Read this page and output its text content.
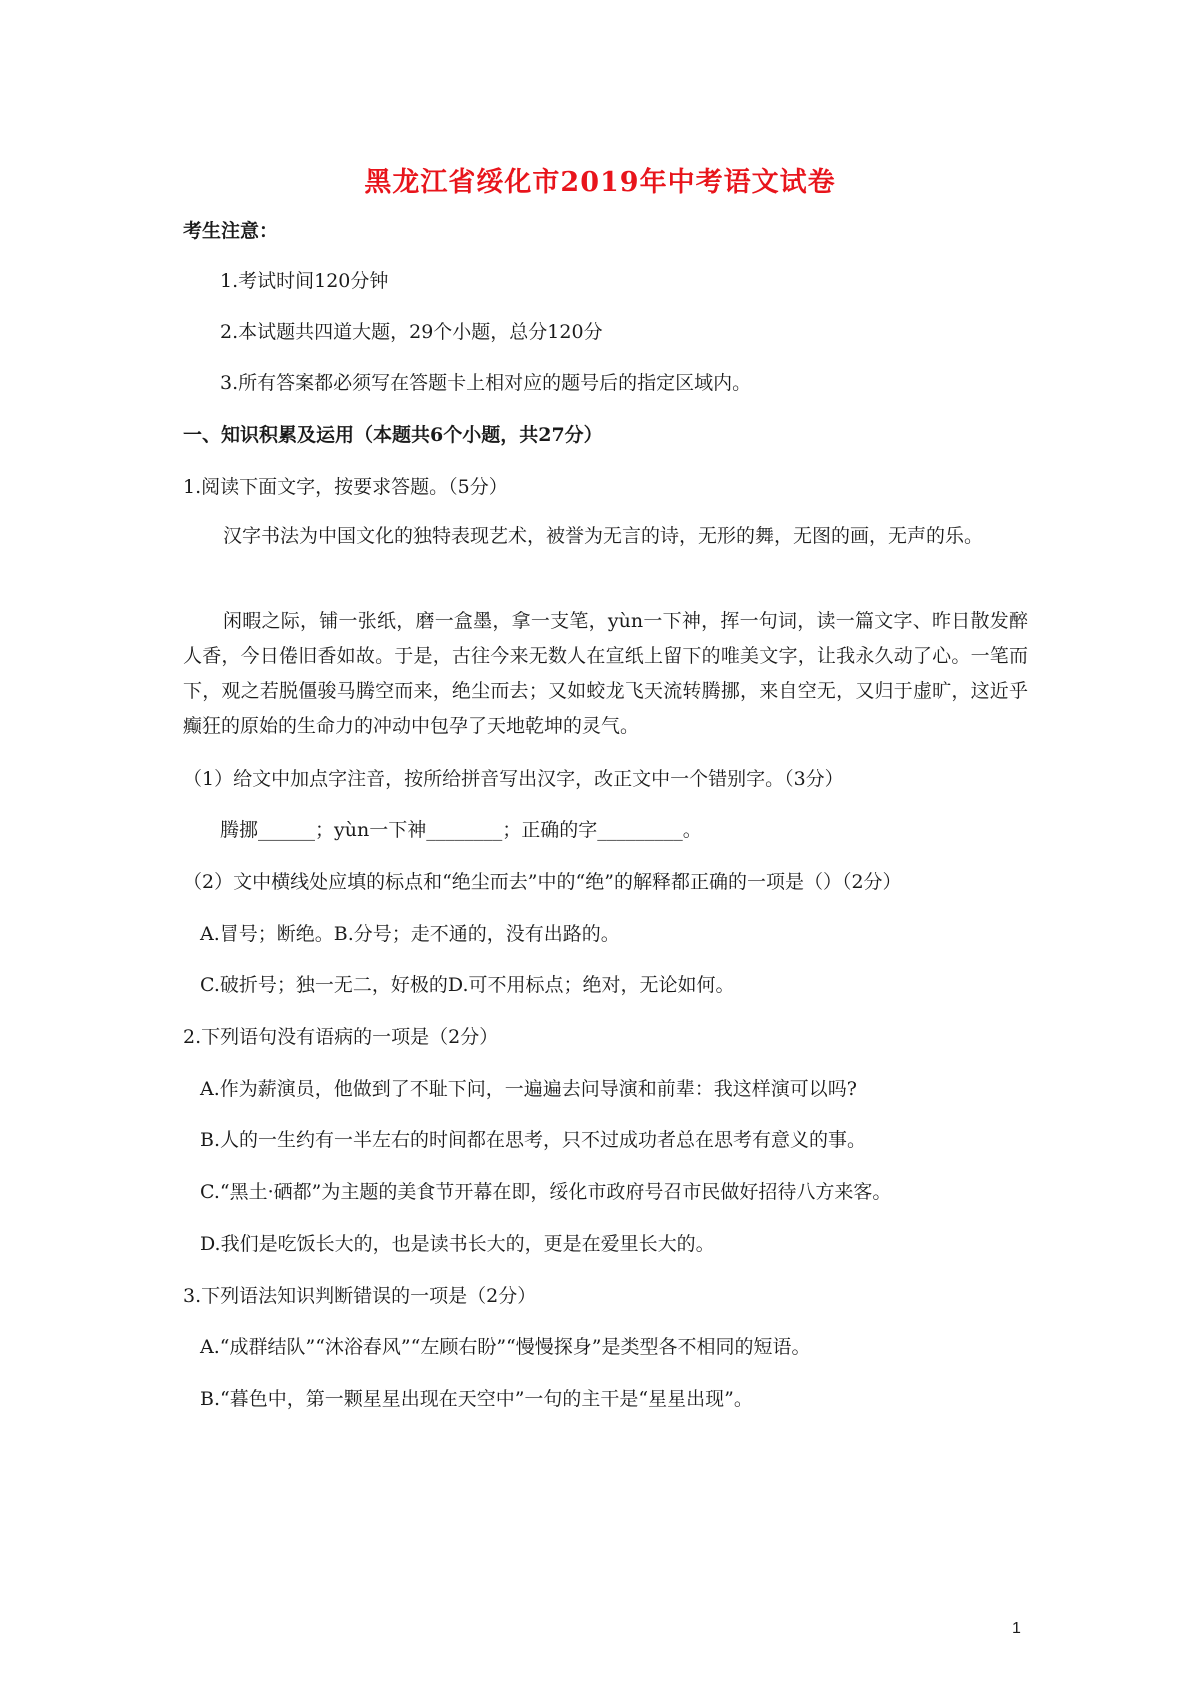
黑龙江省绥化市2019年中考语文试卷
考生注意：
1.考试时间120分钟
2.本试题共四道大题，29个小题，总分120分
3.所有答案都必须写在答题卡上相对应的题号后的指定区域内。
一、知识积累及运用（本题共6个小题，共27分）
1.阅读下面文字，按要求答题。（5分）
汉字书法为中国文化的独特表现艺术，被誉为无言的诗，无形的舞，无图的画，无声的乐。
闲暇之际，铺一张纸，磨一盒墨，拿一支笔，yùn一下神，挥一句词，读一篇文字、昨日散发醉人香，今日倦旧香如故。于是，古往今来无数人在宣纸上留下的唯美文字，让我永久动了心。一笔而下，观之若脱僵骏马腾空而来，绝尘而去；又如蛟龙飞天流转腾挪，来自空无，又归于虚旷，这近乎癫狂的原始的生命力的冲动中包孕了天地乾坤的灵气。
（1）给文中加点字注音，按所给拼音写出汉字，改正文中一个错别字。（3分）
腾挪______；yùn一下神________；正确的字_________。
（2）文中横线处应填的标点和“绝尘而去”中的“绝”的解释都正确的一项是（）（2分）
A.冒号；断绝。B.分号；走不通的，没有出路的。
C.破折号；独一无二，好极的D.可不用标点；绝对，无论如何。
2.下列语句没有语病的一项是（2分）
A.作为薪演员，他做到了不耻下问，一遍遍去问导演和前辈：我这样演可以吗?
B.人的一生约有一半左右的时间都在思考，只不过成功者总在思考有意义的事。
C.“黑土·硒都”为主题的美食节开幕在即，绥化市政府号召市民做好招待八方来客。
D.我们是吃饭长大的，也是读书长大的，更是在爱里长大的。
3.下列语法知识判断错误的一项是（2分）
A.“成群结队”“沐浴春风”“左顾右盼”“慢慢探身”是类型各不相同的短语。
B.“暮色中，第一颗星星出现在天空中”一句的主干是“星星出现”。
1
